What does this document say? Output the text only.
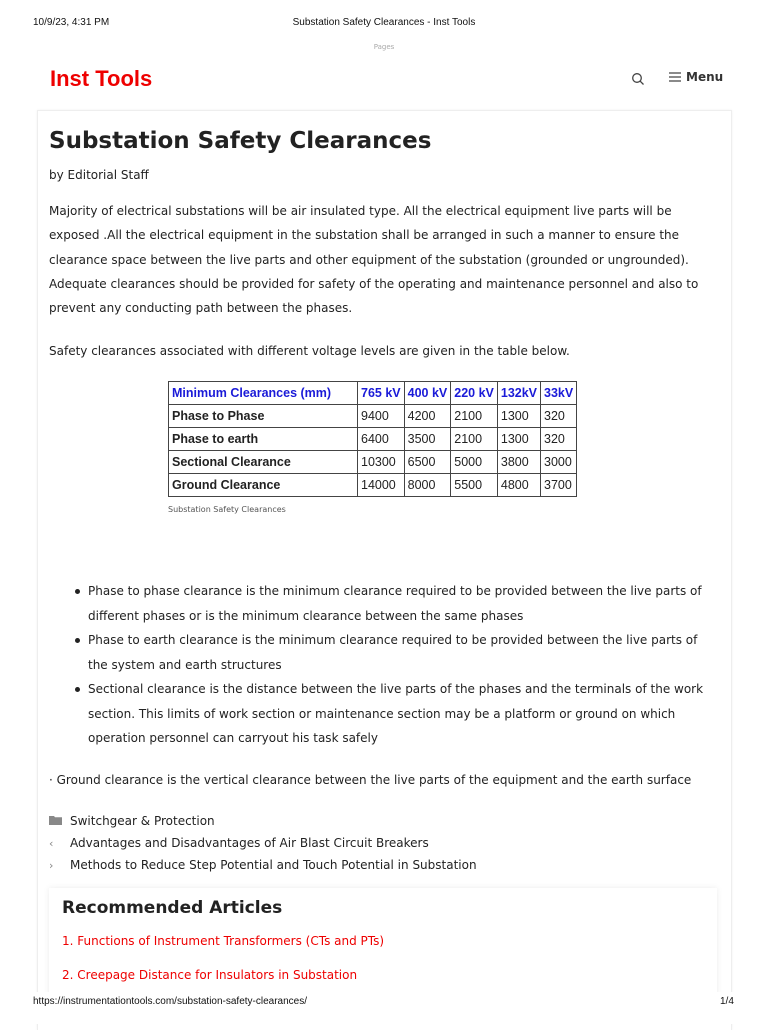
10/9/23, 4:31 PM	Substation Safety Clearances - Inst Tools
Pages
Inst Tools	Menu
Substation Safety Clearances
by Editorial Staff
Majority of electrical substations will be air insulated type. All the electrical equipment live parts will be exposed .All the electrical equipment in the substation shall be arranged in such a manner to ensure the clearance space between the live parts and other equipment of the substation (grounded or ungrounded). Adequate clearances should be provided for safety of the operating and maintenance personnel and also to prevent any conducting path between the phases.
Safety clearances associated with different voltage levels are given in the table below.
Minimum Clearances (mm)	765 kV	400 kV	220 kV	132kV	33kV
Phase to Phase	9400	4200	2100	1300	320
Phase to earth	6400	3500	2100	1300	320
Sectional Clearance	10300	6500	5000	3800	3000
Ground Clearance	14000	8000	5500	4800	3700
Substation Safety Clearances
Phase to phase clearance is the minimum clearance required to be provided between the live parts of different phases or is the minimum clearance between the same phases
Phase to earth clearance is the minimum clearance required to be provided between the live parts of the system and earth structures
Sectional clearance is the distance between the live parts of the phases and the terminals of the work section. This limits of work section or maintenance section may be a platform or ground on which operation personnel can carryout his task safely
· Ground clearance is the vertical clearance between the live parts of the equipment and the earth surface
Switchgear & Protection
‹	Advantages and Disadvantages of Air Blast Circuit Breakers
›	Methods to Reduce Step Potential and Touch Potential in Substation
Recommended Articles
1. Functions of Instrument Transformers (CTs and PTs)
2. Creepage Distance for Insulators in Substation
https://instrumentationtools.com/substation-safety-clearances/	1/4
